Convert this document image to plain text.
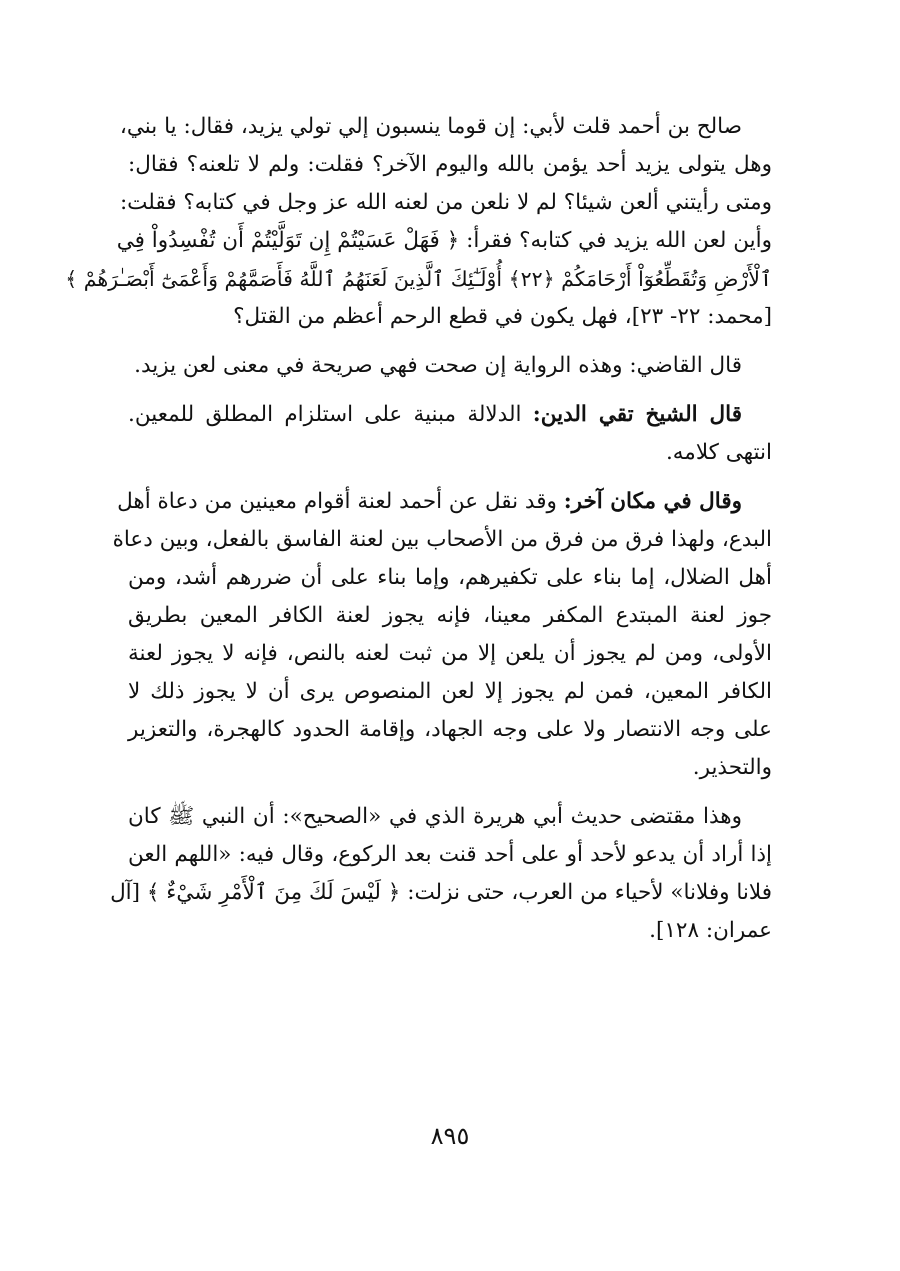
صالح بن أحمد قلت لأبي: إن قوما ينسبون إلي تولي يزيد، فقال: يا بني،
وهل يتولى يزيد أحد يؤمن بالله واليوم الآخر؟ فقلت: ولم لا تلعنه؟ فقال:
ومتى رأيتني ألعن شيئا؟ لم لا نلعن من لعنه الله عز وجل في كتابه؟ فقلت:
وأين لعن الله يزيد في كتابه؟ فقرأ: ﴿ فَهَلْ عَسَيْتُمْ إِن تَوَلَّيْتُمْ أَن تُفْسِدُواْ فِي
ٱلْأَرْضِ وَتُقَطِّعُوٓاْ أَرْحَامَكُمْ ﴿٢٢﴾ أُوْلَـٰٓئِكَ ٱلَّذِينَ لَعَنَهُمُ ٱللَّهُ فَأَصَمَّهُمْ وَأَعْمَىٰٓ أَبْصَـٰرَهُمْ ﴾
[محمد: ٢٢- ٢٣]، فهل يكون في قطع الرحم أعظم من القتل؟

قال القاضي: وهذه الرواية إن صحت فهي صريحة في معنى لعن يزيد.

قال الشيخ تقي الدين: الدلالة مبنية على استلزام المطلق للمعين.
انتهى كلامه.

وقال في مكان آخر: وقد نقل عن أحمد لعنة أقوام معينين من دعاة أهل
البدع، ولهذا فرق من فرق من الأصحاب بين لعنة الفاسق بالفعل، وبين دعاة
أهل الضلال، إما بناء على تكفيرهم، وإما بناء على أن ضررهم أشد، ومن
جوز لعنة المبتدع المكفر معينا، فإنه يجوز لعنة الكافر المعين بطريق
الأولى، ومن لم يجوز أن يلعن إلا من ثبت لعنه بالنص، فإنه لا يجوز لعنة
الكافر المعين، فمن لم يجوز إلا لعن المنصوص يرى أن لا يجوز ذلك لا
على وجه الانتصار ولا على وجه الجهاد، وإقامة الحدود كالهجرة، والتعزير
والتحذير.

وهذا مقتضى حديث أبي هريرة الذي في «الصحيح»: أن النبي ﷺ كان
إذا أراد أن يدعو لأحد أو على أحد قنت بعد الركوع، وقال فيه: «اللهم العن
فلانا وفلانا» لأحياء من العرب، حتى نزلت: ﴿ لَيْسَ لَكَ مِنَ ٱلْأَمْرِ شَيْءٌ ﴾ [آل
عمران: ١٢٨].

٨٩٥
